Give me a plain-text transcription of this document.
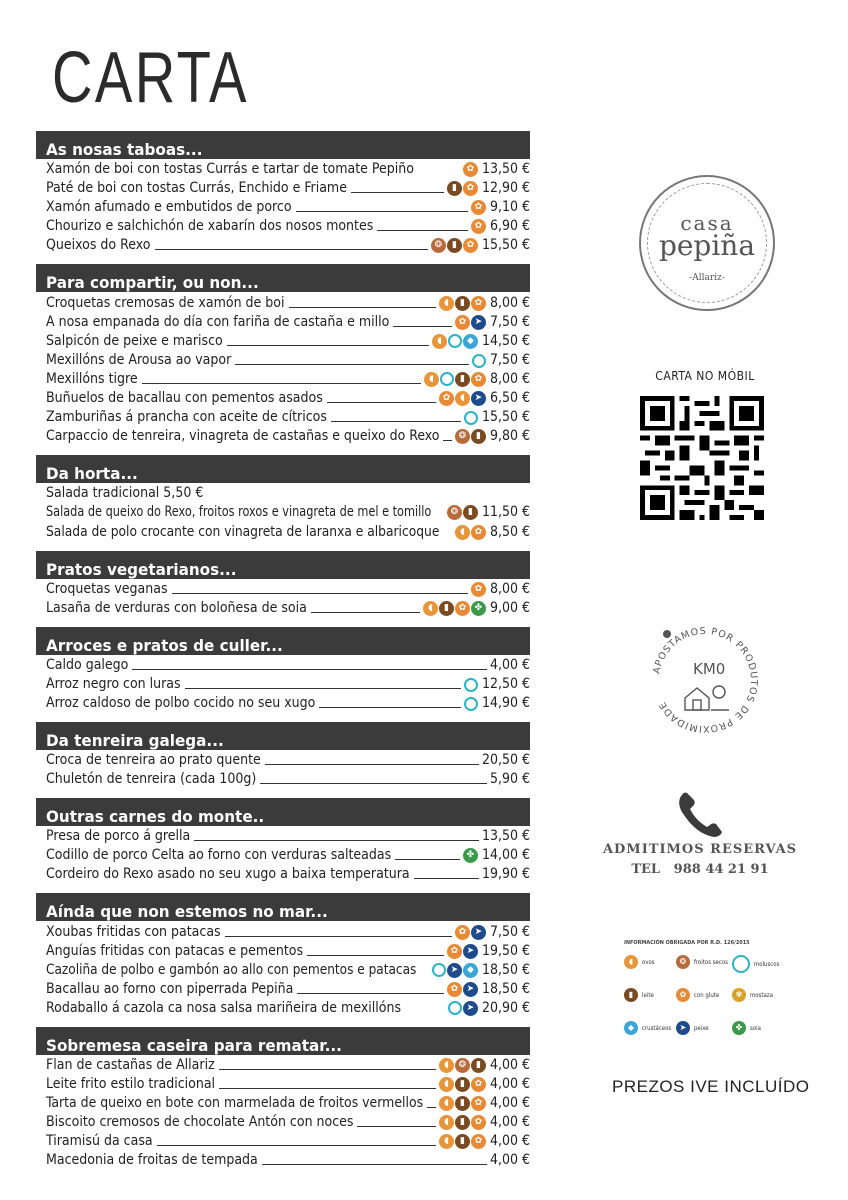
CARTA
As nosas taboas...
Xamón de boi con tostas Currás e tartar de tomate Pepiño	✿ 13,50 €
Paté de boi con tostas Currás, Enchido e Friame	▮	✿ 12,90 €
Xamón afumado e embutidos de porco	✿ 9,10 €
Chourizo e salchichón de xabarín dos nosos montes	✿ 6,90 €
Queixos do Rexo	❂	▮	✿ 15,50 €
Para compartir, ou non...
Croquetas cremosas de xamón de boi	◖	▮	✿ 8,00 €
A nosa empanada do día con fariña de castaña e millo	✿ ➤ 7,50 €
Salpicón de peixe e marisco	◖	◆ 14,50 €
Mexillóns de Arousa ao vapor	7,50 €
Mexillóns tigre	◖	▮	✿ 8,00 €
Buñuelos de bacallau con pementos asados	✿	◖	➤ 6,50 €
Zamburiñas á prancha con aceite de cítricos	15,50 €
Carpaccio de tenreira, vinagreta de castañas e queixo do Rexo	❂	▮ 9,80 €
Da horta...
Salada tradicional 5,50 €
Salada de queixo do Rexo, froitos roxos e vinagreta de mel e tomillo	❂	▮ 11,50 €
Salada de polo crocante con vinagreta de laranxa e albaricoque	◖	✿ 8,50 €
Pratos vegetarianos...
Croquetas veganas	✿ 8,00 €
Lasaña de verduras con boloñesa de soia	◖	▮	✿ ✤ 9,00 €
Arroces e pratos de culler...
Caldo galego	4,00 €
Arroz negro con luras	12,50 €
Arroz caldoso de polbo cocido no seu xugo	14,90 €
Da tenreira galega...
Croca de tenreira ao prato quente	20,50 €
Chuletón de tenreira (cada 100g)	5,90 €
Outras carnes do monte..
Presa de porco á grella	13,50 €
Codillo de porco Celta ao forno con verduras salteadas	✤ 14,00 €
Cordeiro do Rexo asado no seu xugo a baixa temperatura	19,90 €
Aínda que non estemos no mar...
Xoubas fritidas con patacas	✿ ➤ 7,50 €
Anguías fritidas con patacas e pementos	✿ ➤ 19,50 €
Cazoliña de polbo e gambón ao allo con pementos e patacas	➤ ◆ 18,50 €
Bacallau ao forno con piperrada Pepiña	✿ ➤ 18,50 €
Rodaballo á cazola ca nosa salsa mariñeira de mexillóns	➤ 20,90 €
Sobremesa caseira para rematar...
Flan de castañas de Allariz	◖	❂	▮ 4,00 €
Leite frito estilo tradicional	◖	▮	✿ 4,00 €
Tarta de queixo en bote con marmelada de froitos vermellos	◖	▮	✿ 4,00 €
Biscoito cremosos de chocolate Antón con noces	◖	▮	✿ 4,00 €
Tiramisú da casa	◖	▮	✿ 4,00 €
Macedonia de froitas de tempada	4,00 €
casa
pepiña
-Allariz-
CARTA NO MÓBIL
APOSTAMOS POR PRODUTOS DE PROXIMIDADE
KM0
ADMITIMOS RESERVAS
TEL 988 44 21 91
INFORMACIÓN OBRIGADA POR R.D. 126/2015
◖	ovos	❂	froitos secos	moluscos
▮	leite	✿	con glute	✾	mostaza
◆	crustáceos	➤	peixe	✤	soia
PREZOS IVE INCLUÍDO
